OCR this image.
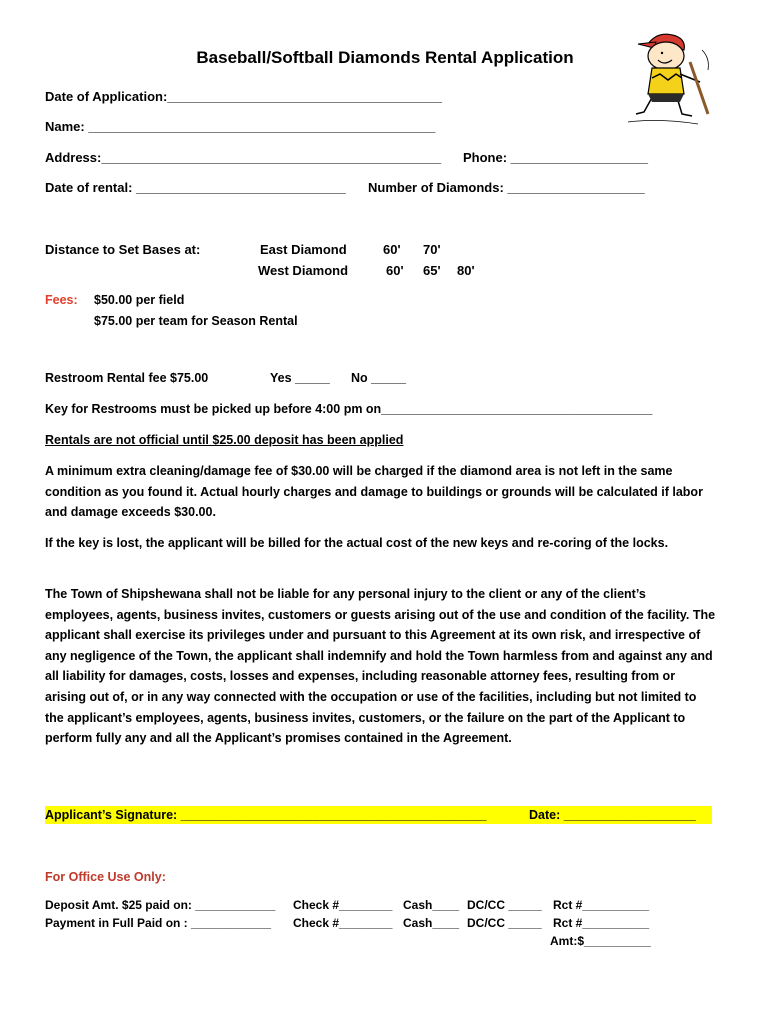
Baseball/Softball Diamonds Rental Application
Date of Application:______________________________________
Name: ________________________________________________
Address:_______________________________________________ Phone: ___________________
Date of rental: _____________________________ Number of Diamonds: ___________________
Distance to Set Bases at:	East Diamond	60' 70'
West Diamond	60' 65' 80'
Fees: $50.00 per field
$75.00 per team for Season Rental
Restroom Rental fee $75.00	Yes _____ No _____
Key for Restrooms must be picked up before 4:00 pm on_______________________________________
Rentals are not official until $25.00 deposit has been applied
A minimum extra cleaning/damage fee of $30.00 will be charged if the diamond area is not left in the same condition as you found it. Actual hourly charges and damage to buildings or grounds will be calculated if labor and damage exceeds $30.00.
If the key is lost, the applicant will be billed for the actual cost of the new keys and re-coring of the locks.
The Town of Shipshewana shall not be liable for any personal injury to the client or any of the client’s employees, agents, business invites, customers or guests arising out of the use and condition of the facility. The applicant shall exercise its privileges under and pursuant to this Agreement at its own risk, and irrespective of any negligence of the Town, the applicant shall indemnify and hold the Town harmless from and against any and all liability for damages, costs, losses and expenses, including reasonable attorney fees, resulting from or arising out of, or in any way connected with the occupation or use of the facilities, including but not limited to the applicant’s employees, agents, business invites, customers, or the failure on the part of the Applicant to perform fully any and all the Applicant’s promises contained in the Agreement.
Applicant’s Signature: ____________________________________________	Date: ___________________
For Office Use Only:
Deposit Amt. $25 paid on: ____________ Check #________ Cash____ DC/CC _____ Rct #__________
Payment in Full Paid on : ____________ Check #________ Cash____ DC/CC _____ Rct #__________
Amt:$__________
